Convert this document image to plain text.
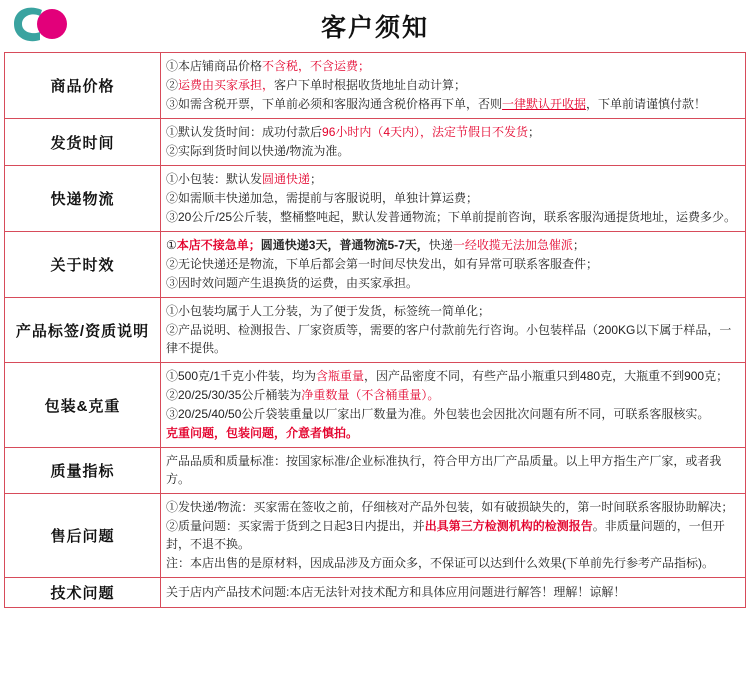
客户须知
商品价格	①本店铺商品价格不含税，不含运费；

②运费由买家承担，客户下单时根据收货地址自动计算；

③如需含税开票，下单前必须和客服沟通含税价格再下单，否则一律默认开收据，下单前请谨慎付款！

发货时间	①默认发货时间：成功付款后96小时内（4天内），法定节假日不发货；

②实际到货时间以快递/物流为准。

快递物流	①小包装：默认发圆通快递；

②如需顺丰快递加急，需提前与客服说明，单独计算运费；

③20公斤/25公斤装，整桶整吨起，默认发普通物流；下单前提前咨询，联系客服沟通提货地址，运费多少。

关于时效	①本店不接急单；圆通快递3天，普通物流5-7天，快递一经收揽无法加急催派；

②无论快递还是物流，下单后都会第一时间尽快发出，如有异常可联系客服查件；

③因时效问题产生退换货的运费，由买家承担。

产品标签/资质说明	①小包装均属于人工分装，为了便于发货，标签统一简单化；

②产品说明、检测报告、厂家资质等，需要的客户付款前先行咨询。小包装样品（200KG以下属于样品，一律不提供。

包装&克重	①500克/1千克小件装，均为含瓶重量，因产品密度不同，有些产品小瓶重只到480克，大瓶重不到900克；

②20/25/30/35公斤桶装为净重数量（不含桶重量）。

③20/25/40/50公斤袋装重量以厂家出厂数量为准。外包装也会因批次问题有所不同，可联系客服核实。

克重问题，包装问题，介意者慎拍。

质量指标	产品品质和质量标准：按国家标准/企业标准执行，符合甲方出厂产品质量。以上甲方指生产厂家，或者我方。

售后问题	①发快递/物流：买家需在签收之前，仔细核对产品外包装，如有破损缺失的，第一时间联系客服协助解决；

②质量问题：买家需于货到之日起3日内提出，并出具第三方检测机构的检测报告。非质量问题的，一但开封，不退不换。

注：本店出售的是原材料，因成品涉及方面众多，不保证可以达到什么效果(下单前先行参考产品指标)。

技术问题	关于店内产品技术问题:本店无法针对技术配方和具体应用问题进行解答！理解！谅解！
